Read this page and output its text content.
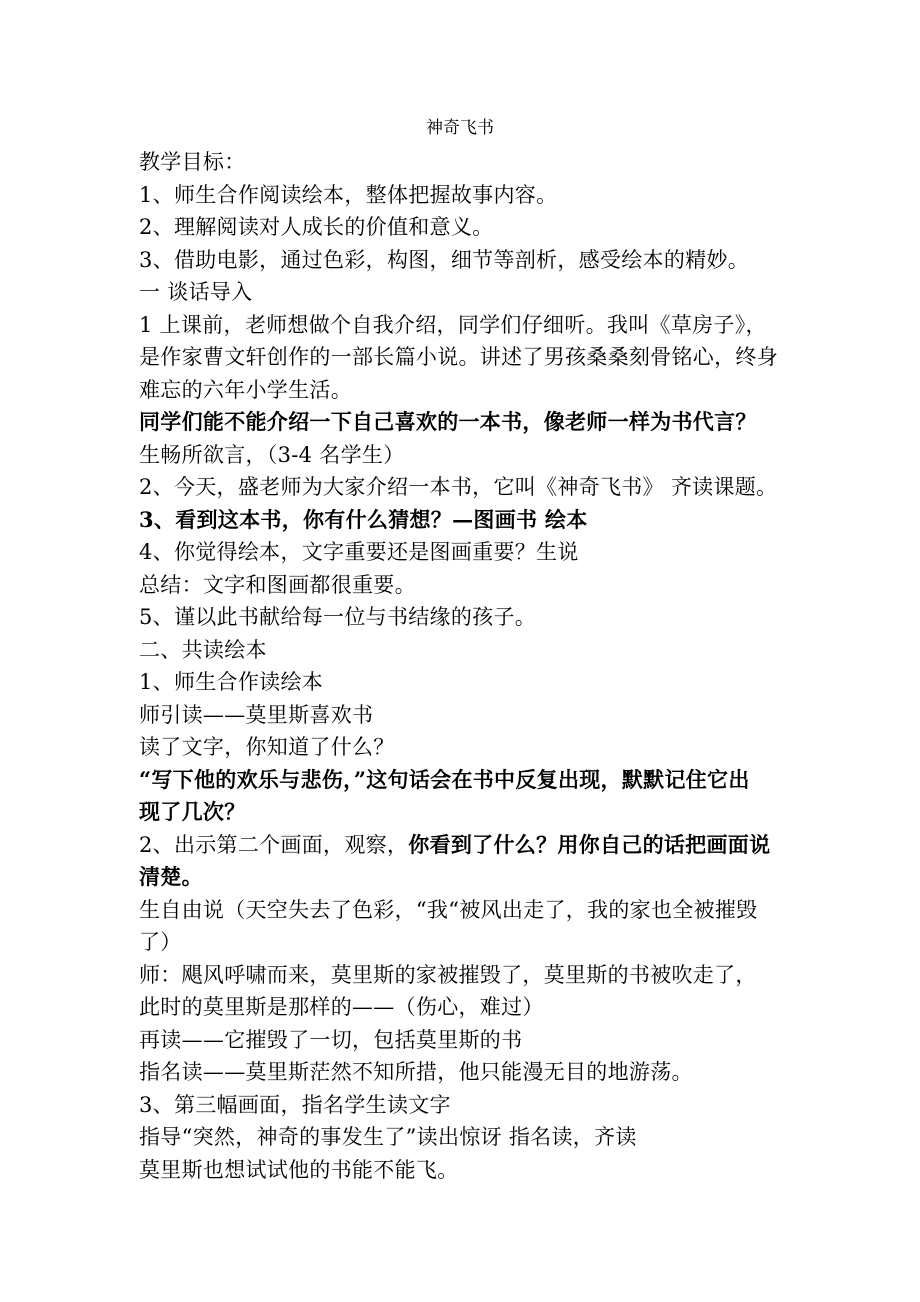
神奇飞书
教学目标：
1、师生合作阅读绘本，整体把握故事内容。
2、理解阅读对人成长的价值和意义。
3、借助电影，通过色彩，构图，细节等剖析，感受绘本的精妙。
一 谈话导入
1 上课前，老师想做个自我介绍，同学们仔细听。我叫《草房子》，
是作家曹文轩创作的一部长篇小说。讲述了男孩桑桑刻骨铭心，终身
难忘的六年小学生活。
同学们能不能介绍一下自己喜欢的一本书，像老师一样为书代言？
生畅所欲言，（3-4 名学生）
2、今天，盛老师为大家介绍一本书，它叫《神奇飞书》 齐读课题。
3、看到这本书，你有什么猜想？—图画书 绘本
4、你觉得绘本，文字重要还是图画重要？生说
总结：文字和图画都很重要。
5、谨以此书献给每一位与书结缘的孩子。
二、共读绘本
1、师生合作读绘本
师引读——莫里斯喜欢书
读了文字，你知道了什么？
“写下他的欢乐与悲伤，”这句话会在书中反复出现，默默记住它出
现了几次？
2、出示第二个画面，观察，你看到了什么？用你自己的话把画面说
清楚。
生自由说（天空失去了色彩，“我“被风出走了，我的家也全被摧毁
了）
师：飓风呼啸而来，莫里斯的家被摧毁了，莫里斯的书被吹走了，
此时的莫里斯是那样的——（伤心，难过）
再读——它摧毁了一切，包括莫里斯的书
指名读——莫里斯茫然不知所措，他只能漫无目的地游荡。
3、第三幅画面，指名学生读文字
指导“突然，神奇的事发生了”读出惊讶 指名读，齐读
莫里斯也想试试他的书能不能飞。
